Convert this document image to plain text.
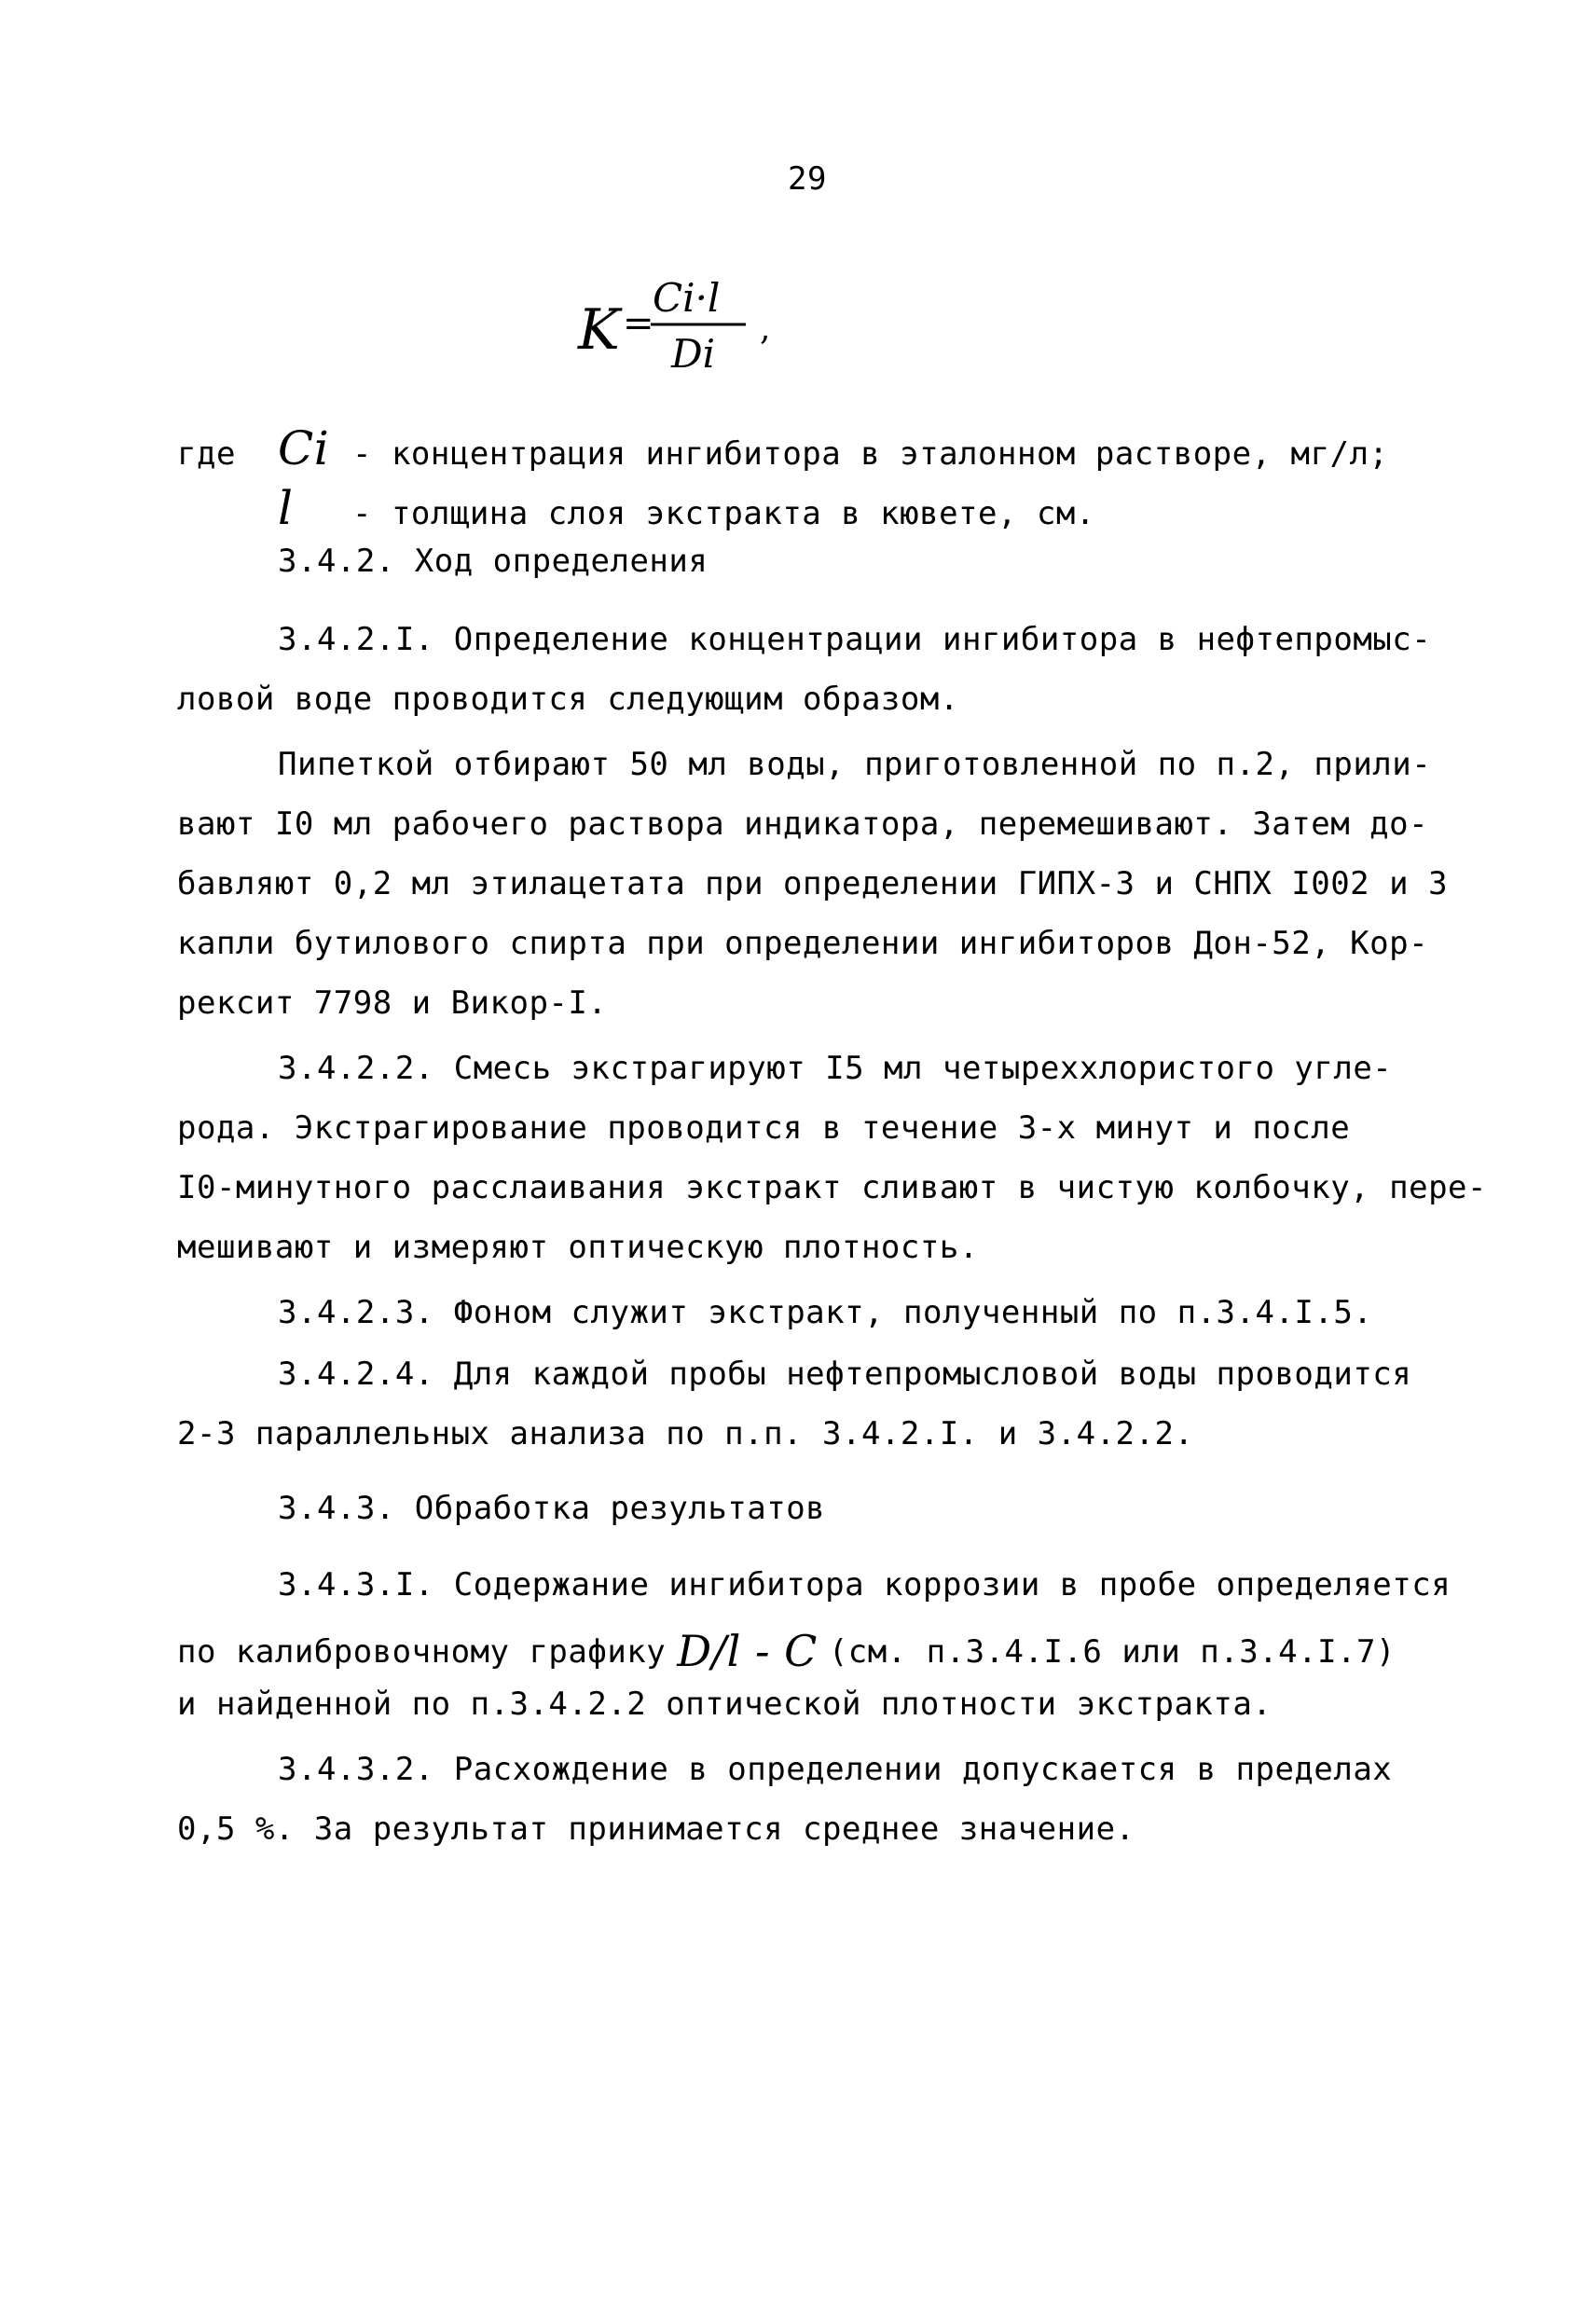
29
K =
Ci·l
Di
,
где Ci - концентрация ингибитора в эталонном растворе, мг/л;
l - толщина слоя экстракта в кювете, см.
3.4.2. Ход определения
3.4.2.I. Определение концентрации ингибитора в нефтепромыс-
ловой воде проводится следующим образом.
Пипеткой отбирают 50 мл воды, приготовленной по п.2, прили-
вают I0 мл рабочего раствора индикатора, перемешивают. Затем до-
бавляют 0,2 мл этилацетата при определении ГИПХ-3 и СНПХ I002 и 3
капли бутилового спирта при определении ингибиторов Дон-52, Кор-
рексит 7798 и Викор-I.
3.4.2.2. Смесь экстрагируют I5 мл четыреххлористого угле-
рода. Экстрагирование проводится в течение 3-х минут и после
I0-минутного расслаивания экстракт сливают в чистую колбочку, пере-
мешивают и измеряют оптическую плотность.
3.4.2.3. Фоном служит экстракт, полученный по п.3.4.I.5.
3.4.2.4. Для каждой пробы нефтепромысловой воды проводится
2-3 параллельных анализа по п.п. 3.4.2.I. и 3.4.2.2.
3.4.3. Обработка результатов
3.4.3.I. Содержание ингибитора коррозии в пробе определяется
по калибровочному графику D/l - C (см. п.3.4.I.6 или п.3.4.I.7)
и найденной по п.3.4.2.2 оптической плотности экстракта.
3.4.3.2. Расхождение в определении допускается в пределах
0,5 %. За результат принимается среднее значение.
